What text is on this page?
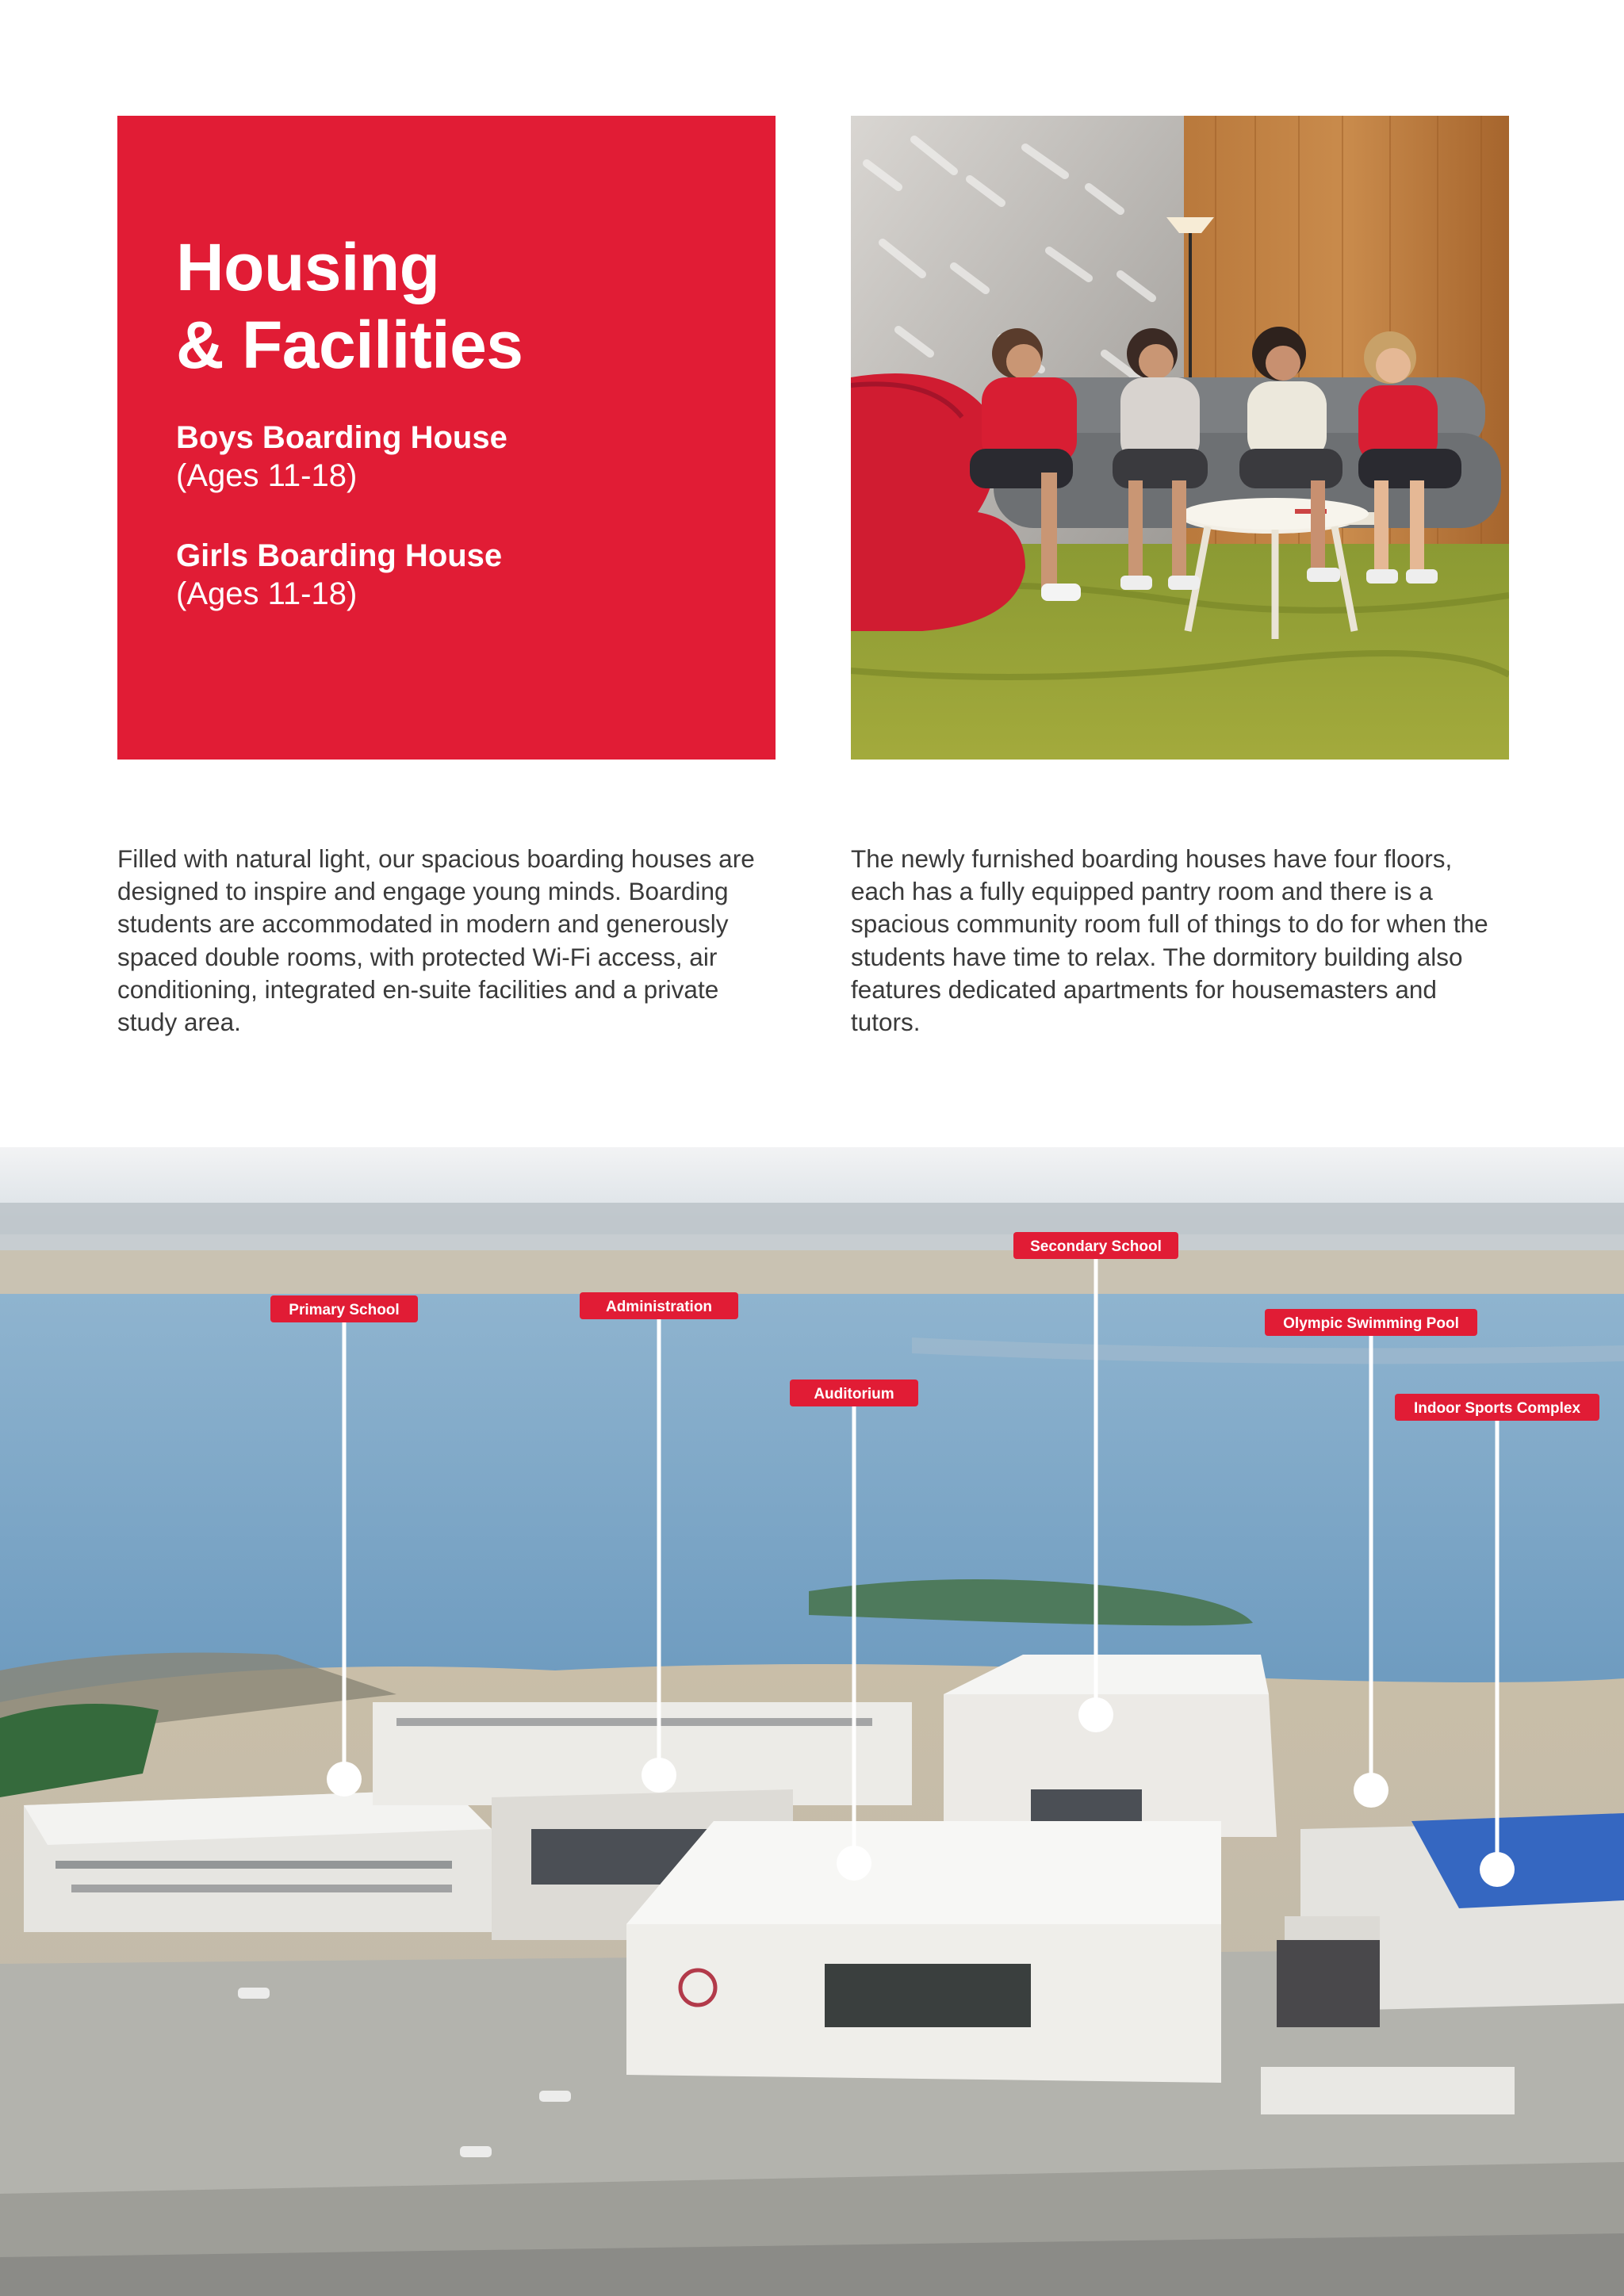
Housing
& Facilities
Boys Boarding House
(Ages 11-18)
Girls Boarding House
(Ages 11-18)

Filled with natural light, our spacious boarding houses are designed to inspire and engage young minds. Boarding students are accommodated in modern and generously spaced double rooms, with protected Wi-Fi access, air conditioning, integrated en-suite facilities and a private study area.

The newly furnished boarding houses have four floors, each has a fully equipped pantry room and there is a spacious community room full of things to do for when the students have time to relax. The dormitory building also features dedicated apartments for housemasters and tutors.

Primary School	Administration
Auditorium
Secondary School
Olympic Swimming Pool
Indoor Sports Complex
